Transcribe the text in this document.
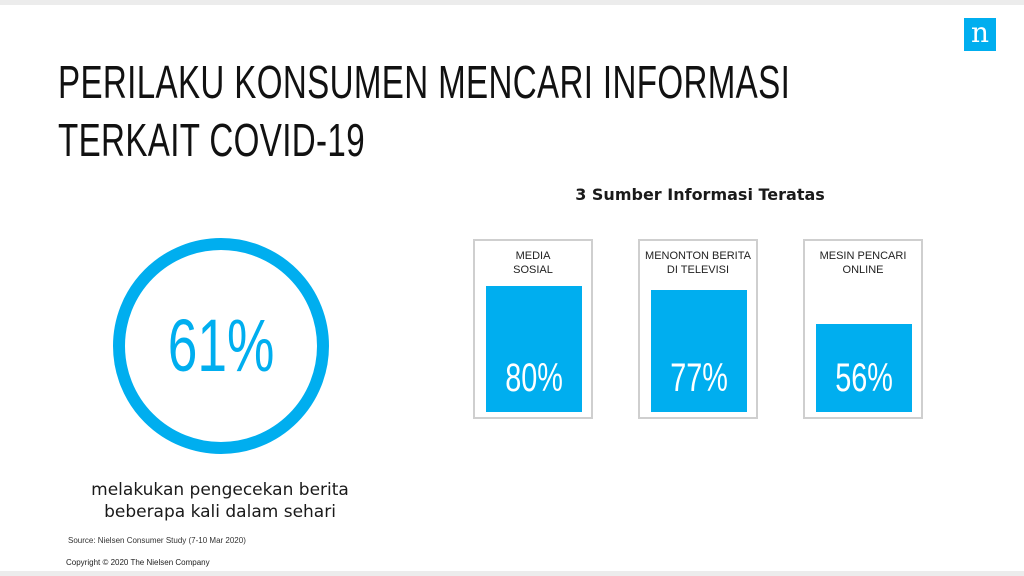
n
PERILAKU KONSUMEN MENCARI INFORMASI
TERKAIT COVID-19
61%
melakukan pengecekan berita
beberapa kali dalam sehari
3 Sumber Informasi Teratas
MEDIA
SOSIAL
80%
MENONTON BERITA
DI TELEVISI
77%
MESIN PENCARI
ONLINE
56%
Source: Nielsen Consumer Study (7-10 Mar 2020)
Copyright © 2020 The Nielsen Company
